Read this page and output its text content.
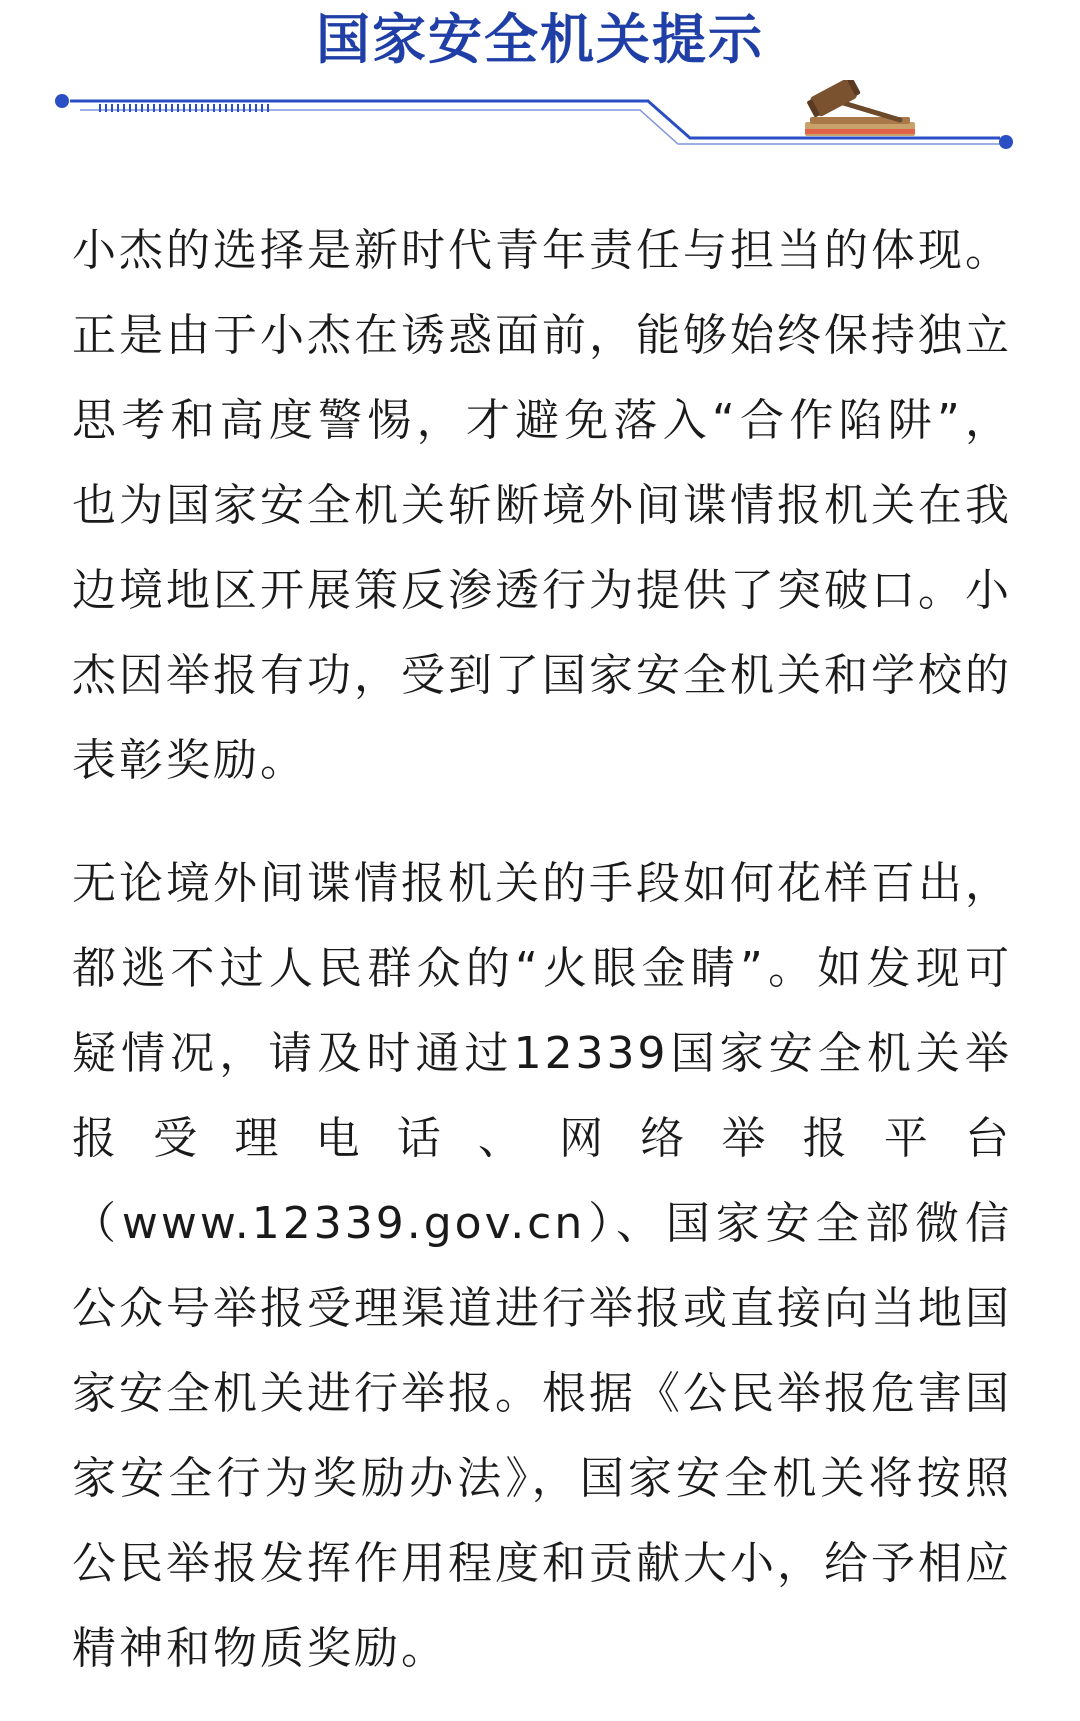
国家安全机关提示

小杰的选择是新时代青年责任与担当的体现。正是由于小杰在诱惑面前，能够始终保持独立思考和高度警惕，才避免落入“合作陷阱”，也为国家安全机关斩断境外间谍情报机关在我边境地区开展策反渗透行为提供了突破口。小杰因举报有功，受到了国家安全机关和学校的表彰奖励。

无论境外间谍情报机关的手段如何花样百出，都逃不过人民群众的“火眼金睛”。如发现可疑情况，请及时通过12339国家安全机关举报受理电话、网络举报平台（www.12339.gov.cn）、国家安全部微信公众号举报受理渠道进行举报或直接向当地国家安全机关进行举报。根据《公民举报危害国家安全行为奖励办法》，国家安全机关将按照公民举报发挥作用程度和贡献大小，给予相应精神和物质奖励。
